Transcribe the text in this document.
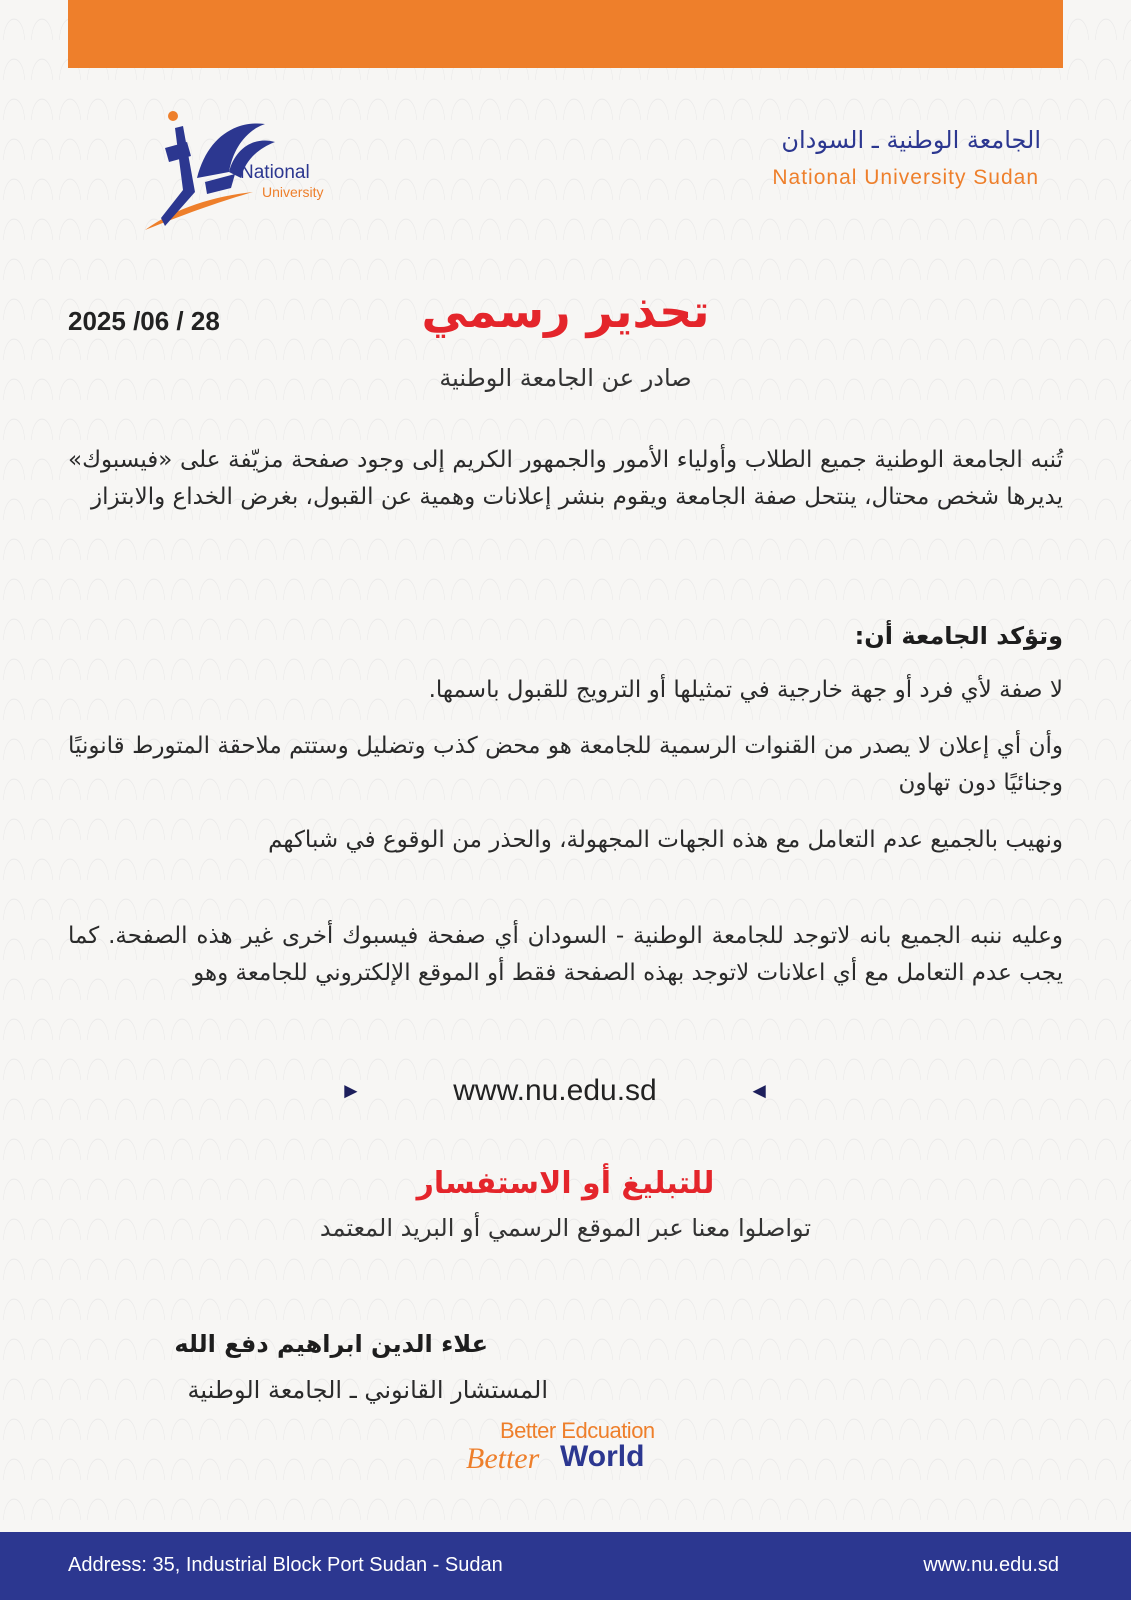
National
University
الجامعة الوطنية ـ السودان
National University Sudan
2025 /06 / 28	تحذير رسمي
صادر عن الجامعة الوطنية
تُنبه الجامعة الوطنية جميع الطلاب وأولياء الأمور والجمهور الكريم إلى وجود صفحة مزيّفة على «فيسبوك» يديرها شخص محتال، ينتحل صفة الجامعة ويقوم بنشر إعلانات وهمية عن القبول، بغرض الخداع والابتزاز
وتؤكد الجامعة أن:
لا صفة لأي فرد أو جهة خارجية في تمثيلها أو الترويج للقبول باسمها.
وأن أي إعلان لا يصدر من القنوات الرسمية للجامعة هو محض كذب وتضليل وستتم ملاحقة المتورط قانونيًا وجنائيًا دون تهاون
ونهيب بالجميع عدم التعامل مع هذه الجهات المجهولة، والحذر من الوقوع في شباكهم
وعليه ننبه الجميع بانه لاتوجد للجامعة الوطنية - السودان أي صفحة فيسبوك أخرى غير هذه الصفحة. كما يجب عدم التعامل مع أي اعلانات لاتوجد بهذه الصفحة فقط أو الموقع الإلكتروني للجامعة وهو
►	www.nu.edu.sd	◄
للتبليغ أو الاستفسار
تواصلوا معنا عبر الموقع الرسمي أو البريد المعتمد
علاء الدين ابراهيم دفع الله
المستشار القانوني ـ الجامعة الوطنية
Better Edcuation
Better World
Address: 35, Industrial Block Port Sudan - Sudan	www.nu.edu.sd
